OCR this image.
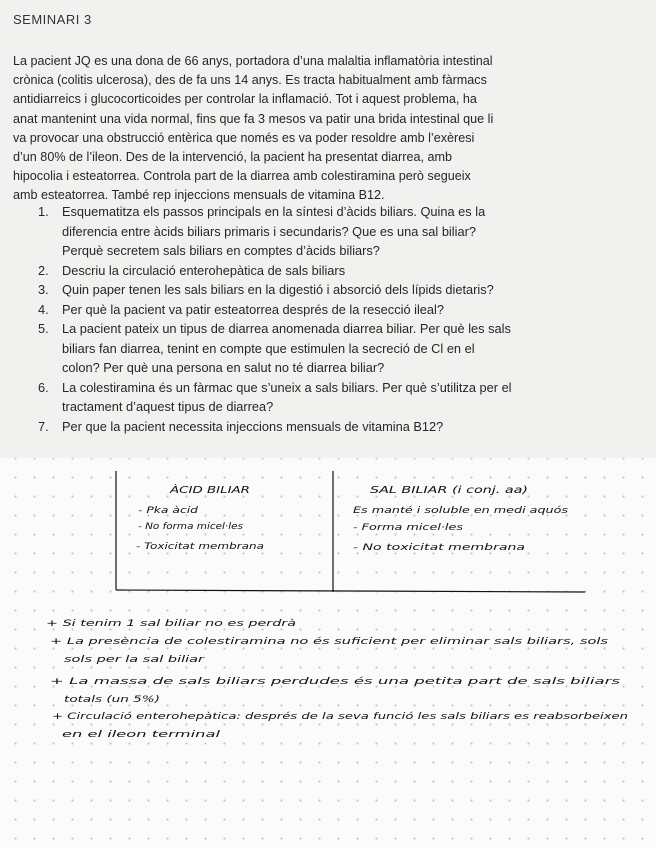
SEMINARI 3
La pacient JQ es una dona de 66 anys, portadora d’una malaltia inflamatòria intestinal
crònica (colitis ulcerosa), des de fa uns 14 anys. Es tracta habitualment amb fàrmacs
antidiarreics i glucocorticoides per controlar la inflamació. Tot i aquest problema, ha
anat mantenint una vida normal, fins que fa 3 mesos va patir una brida intestinal que li
va provocar una obstrucció entèrica que només es va poder resoldre amb l’exèresi
d’un 80% de l’ileon. Des de la intervenció, la pacient ha presentat diarrea, amb
hipocolia i esteatorrea. Controla part de la diarrea amb colestiramina però segueix
amb esteatorrea. També rep injeccions mensuals de vitamina B12.
1. Esquematitza els passos principals en la síntesi d’àcids biliars. Quina es la
diferencia entre àcids biliars primaris i secundaris? Que es una sal biliar?
Perquè secretem sals biliars en comptes d’àcids biliars?
2. Descriu la circulació enterohepàtica de sals biliars
3. Quin paper tenen les sals biliars en la digestió i absorció dels lípids dietaris?
4. Per què la pacient va patir esteatorrea després de la resecció ileal?
5. La pacient pateix un tipus de diarrea anomenada diarrea biliar. Per què les sals
biliars fan diarrea, tenint en compte que estimulen la secreció de Cl en el
colon? Per què una persona en salut no té diarrea biliar?
6. La colestiramina és un fàrmac que s’uneix a sals biliars. Per què s’utilitza per el
tractament d’aquest tipus de diarrea?
7. Per que la pacient necessita injeccions mensuals de vitamina B12?
ÀCID BILIAR	SAL BILIAR (i conj. aa)
- Pka àcid
- No forma micel·les
- Toxicitat membrana
Es manté i soluble en medi aquós
- Forma micel·les
- No toxicitat membrana
+ Si tenim 1 sal biliar no es perdrà
+ La presència de colestiramina no és suficient per eliminar sals biliars, sols
sols per la sal biliar
+ La massa de sals biliars perdudes és una petita part de sals biliars
totals (un 5%)
+ Circulació enterohepàtica: després de la seva funció les sals biliars es reabsorbeixen
en el ileon terminal
